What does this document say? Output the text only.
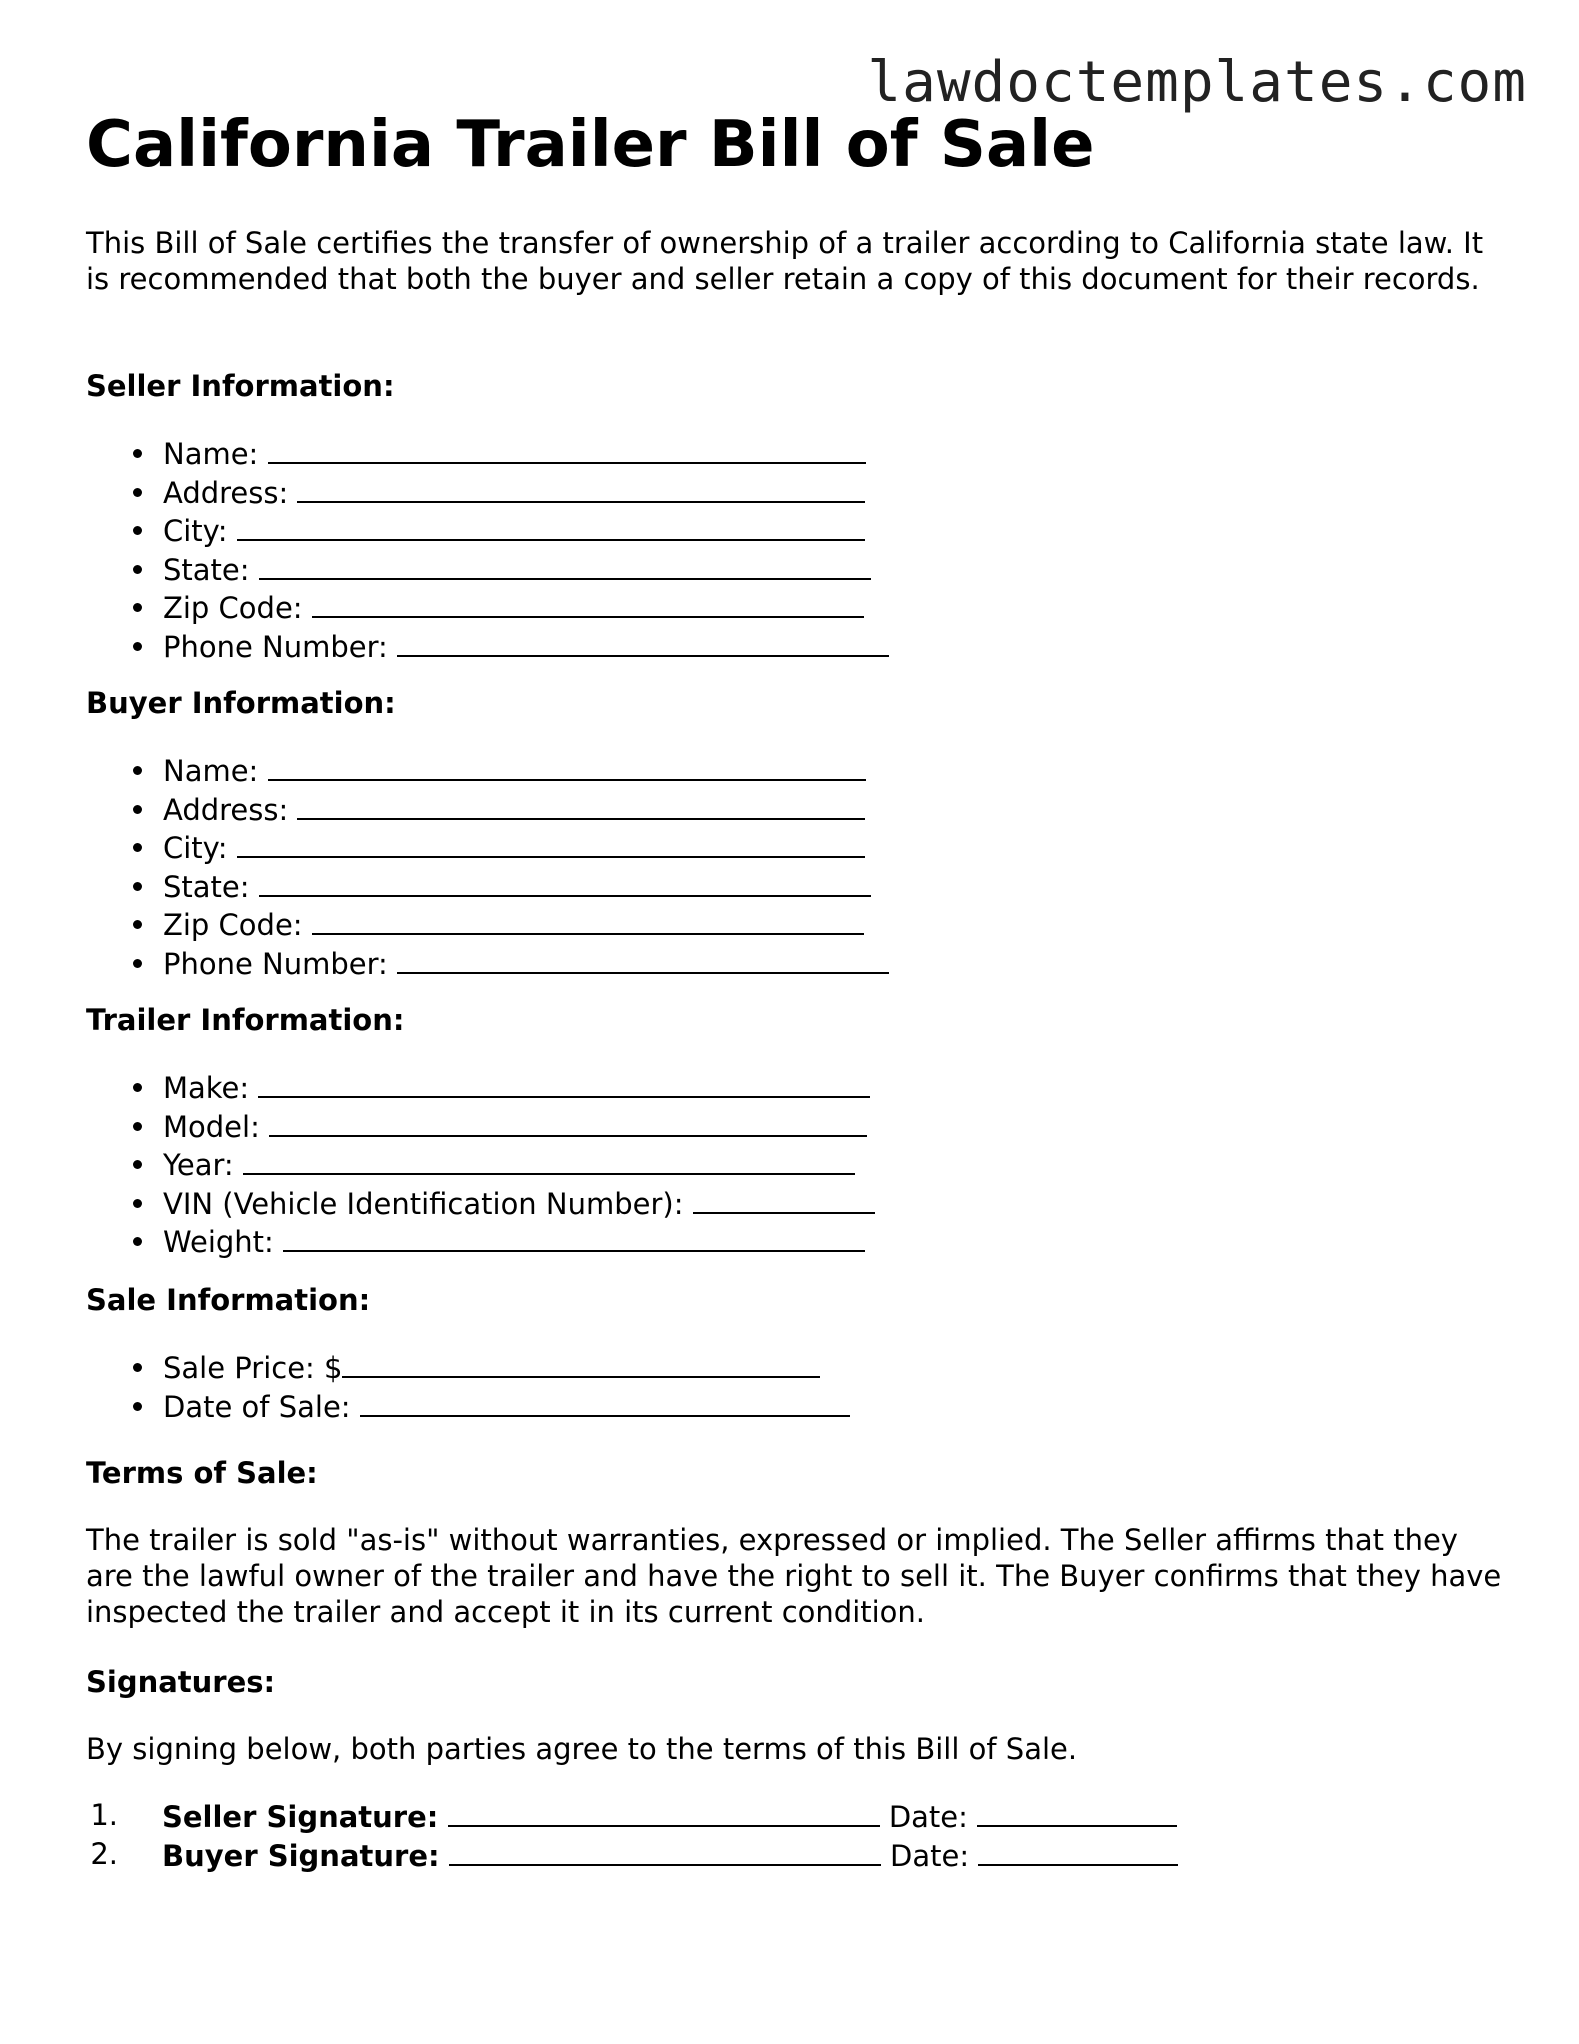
lawdoctemplates.com
California Trailer Bill of Sale

This Bill of Sale certifies the transfer of ownership of a trailer according to California state law. It is recommended that both the buyer and seller retain a copy of this document for their records.

Seller Information:
Name:
Address:
City:
State:
Zip Code:
Phone Number:
Buyer Information:
Name:
Address:
City:
State:
Zip Code:
Phone Number:
Trailer Information:
Make:
Model:
Year:
VIN (Vehicle Identification Number):
Weight:
Sale Information:
Sale Price: $
Date of Sale:
Terms of Sale:

The trailer is sold "as-is" without warranties, expressed or implied. The Seller affirms that they are the lawful owner of the trailer and have the right to sell it. The Buyer confirms that they have inspected the trailer and accept it in its current condition.

Signatures:

By signing below, both parties agree to the terms of this Bill of Sale.

1. Seller Signature:	Date:
2. Buyer Signature:	Date:
